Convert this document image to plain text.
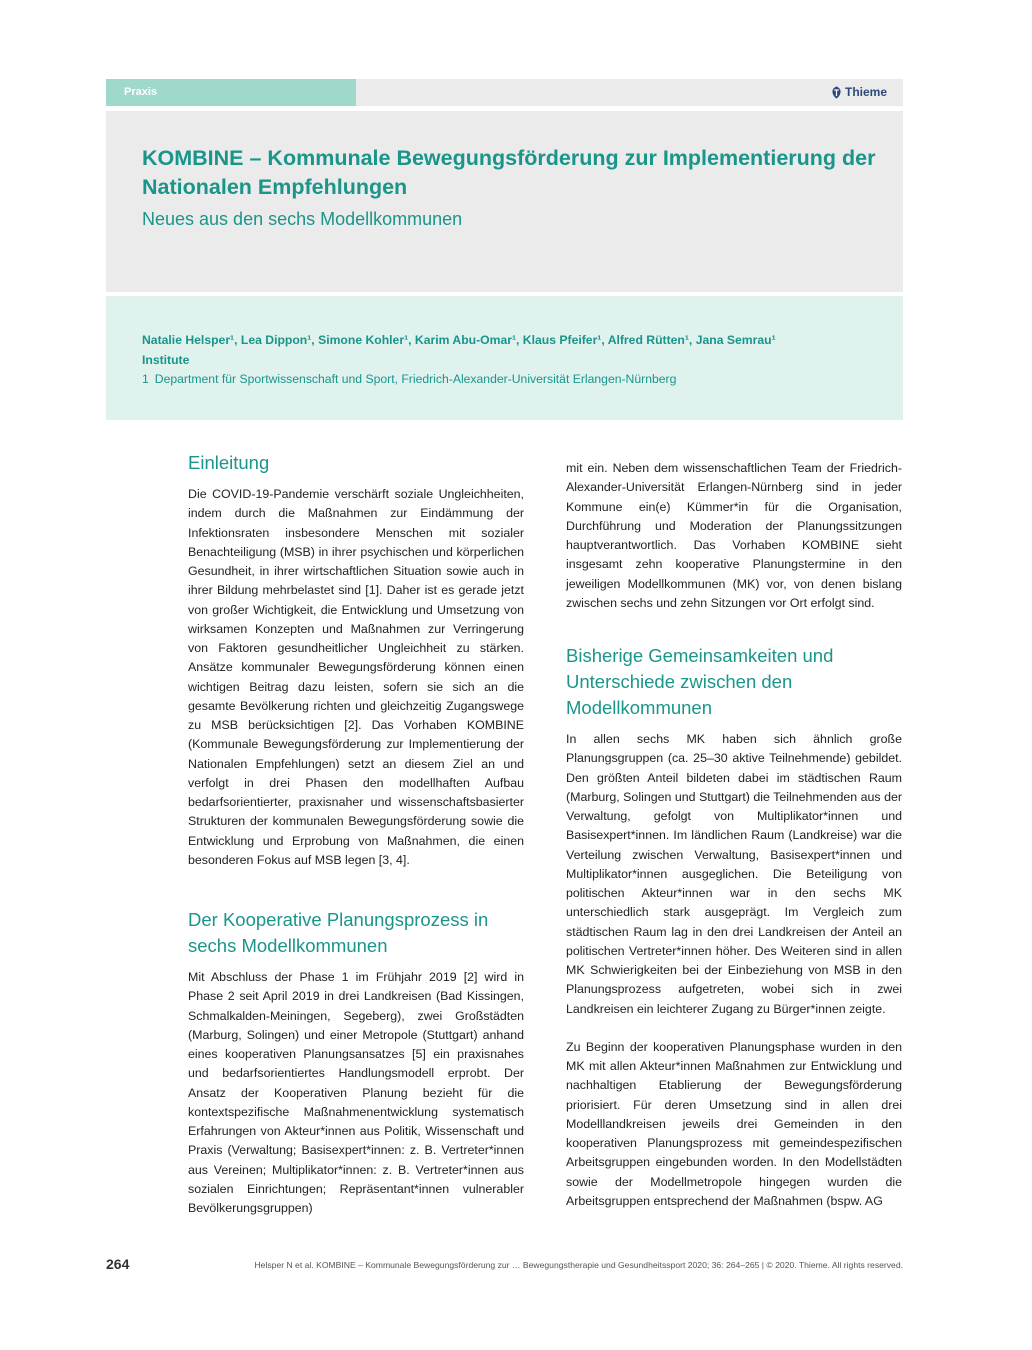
Praxis	Thieme
KOMBINE – Kommunale Bewegungsförderung zur Implementierung der Nationalen Empfehlungen

Neues aus den sechs Modellkommunen

Natalie Helsper¹, Lea Dippon¹, Simone Kohler¹, Karim Abu-Omar¹, Klaus Pfeifer¹, Alfred Rütten¹, Jana Semrau¹
Institute
1 Department für Sportwissenschaft und Sport, Friedrich-Alexander-Universität Erlangen-Nürnberg
Einleitung

Die COVID-19-Pandemie verschärft soziale Ungleichheiten, indem durch die Maßnahmen zur Eindämmung der Infektionsraten insbesondere Menschen mit sozialer Benachteiligung (MSB) in ihrer psychischen und körperlichen Gesundheit, in ihrer wirtschaftlichen Situation sowie auch in ihrer Bildung mehrbelastet sind [1]. Daher ist es gerade jetzt von großer Wichtigkeit, die Entwicklung und Umsetzung von wirksamen Konzepten und Maßnahmen zur Verringerung von Faktoren gesundheitlicher Ungleichheit zu stärken. Ansätze kommunaler Bewegungsförderung können einen wichtigen Beitrag dazu leisten, sofern sie sich an die gesamte Bevölkerung richten und gleichzeitig Zugangswege zu MSB berücksichtigen [2]. Das Vorhaben KOMBINE (Kommunale Bewegungsförderung zur Implementierung der Nationalen Empfehlungen) setzt an diesem Ziel an und verfolgt in drei Phasen den modellhaften Aufbau bedarfsorientierter, praxisnaher und wissenschaftsbasierter Strukturen der kommunalen Bewegungsförderung sowie die Entwicklung und Erprobung von Maßnahmen, die einen besonderen Fokus auf MSB legen [3, 4].

Der Kooperative Planungsprozess in sechs Modellkommunen

Mit Abschluss der Phase 1 im Frühjahr 2019 [2] wird in Phase 2 seit April 2019 in drei Landkreisen (Bad Kissingen, Schmalkalden-Meiningen, Segeberg), zwei Großstädten (Marburg, Solingen) und einer Metropole (Stuttgart) anhand eines kooperativen Planungsansatzes [5] ein praxisnahes und bedarfsorientiertes Handlungsmodell erprobt. Der Ansatz der Kooperativen Planung bezieht für die kontextspezifische Maßnahmenentwicklung systematisch Erfahrungen von Akteur*innen aus Politik, Wissenschaft und Praxis (Verwaltung; Basisexpert*innen: z. B. Vertreter*innen aus Vereinen; Multiplikator*innen: z. B. Vertreter*innen aus sozialen Einrichtungen; Repräsentant*innen vulnerabler Bevölkerungsgruppen)

mit ein. Neben dem wissenschaftlichen Team der Friedrich-Alexander-Universität Erlangen-Nürnberg sind in jeder Kommune ein(e) Kümmer*in für die Organisation, Durchführung und Moderation der Planungssitzungen hauptverantwortlich. Das Vorhaben KOMBINE sieht insgesamt zehn kooperative Planungstermine in den jeweiligen Modellkommunen (MK) vor, von denen bislang zwischen sechs und zehn Sitzungen vor Ort erfolgt sind.

Bisherige Gemeinsamkeiten und Unterschiede zwischen den Modellkommunen

In allen sechs MK haben sich ähnlich große Planungsgruppen (ca. 25–30 aktive Teilnehmende) gebildet. Den größten Anteil bildeten dabei im städtischen Raum (Marburg, Solingen und Stuttgart) die Teilnehmenden aus der Verwaltung, gefolgt von Multiplikator*innen und Basisexpert*innen. Im ländlichen Raum (Landkreise) war die Verteilung zwischen Verwaltung, Basisexpert*innen und Multiplikator*innen ausgeglichen. Die Beteiligung von politischen Akteur*innen war in den sechs MK unterschiedlich stark ausgeprägt. Im Vergleich zum städtischen Raum lag in den drei Landkreisen der Anteil an politischen Vertreter*innen höher. Des Weiteren sind in allen MK Schwierigkeiten bei der Einbeziehung von MSB in den Planungsprozess aufgetreten, wobei sich in zwei Landkreisen ein leichterer Zugang zu Bürger*innen zeigte.

Zu Beginn der kooperativen Planungsphase wurden in den MK mit allen Akteur*innen Maßnahmen zur Entwicklung und nachhaltigen Etablierung der Bewegungsförderung priorisiert. Für deren Umsetzung sind in allen drei Modelllandkreisen jeweils drei Gemeinden in den kooperativen Planungsprozess mit gemeindespezifischen Arbeitsgruppen eingebunden worden. In den Modellstädten sowie der Modellmetropole hingegen wurden die Arbeitsgruppen entsprechend der Maßnahmen (bspw. AG

264	Helsper N et al. KOMBINE – Kommunale Bewegungsförderung zur … Bewegungstherapie und Gesundheitssport 2020; 36: 264–265 | © 2020. Thieme. All rights reserved.
